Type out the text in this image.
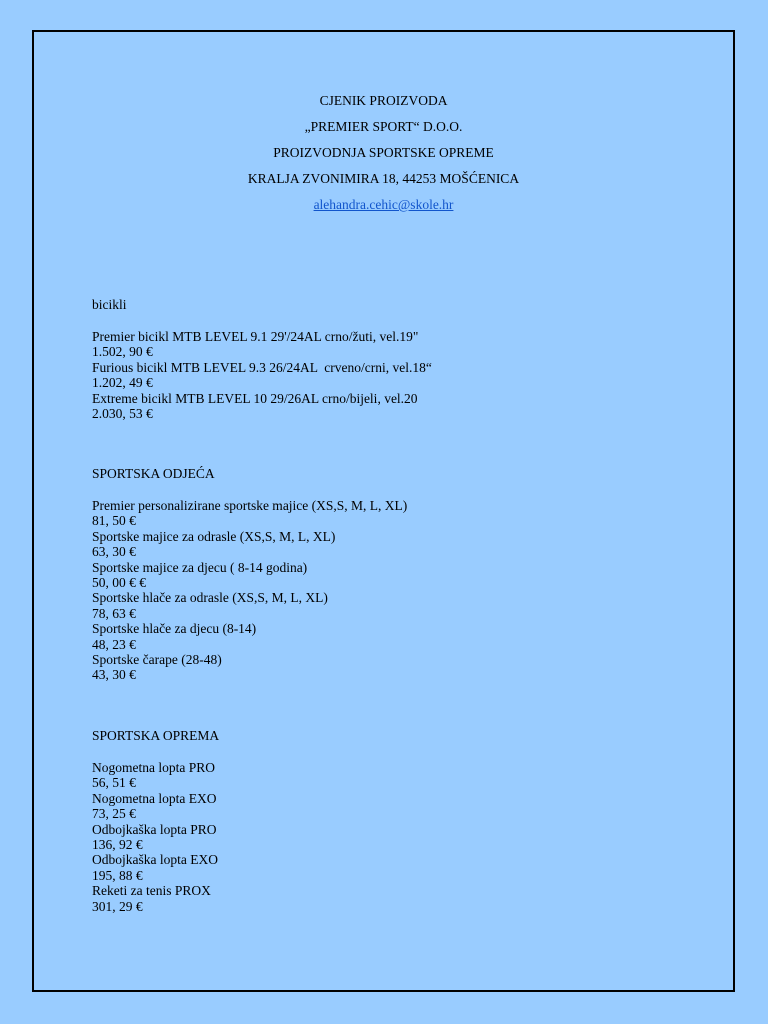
CJENIK PROIZVODA
„PREMIER SPORT“ D.O.O.
PROIZVODNJA SPORTSKE OPREME
KRALJA ZVONIMIRA 18, 44253 MOŠĆENICA
alehandra.cehic@skole.hr
bicikli
Premier bicikl MTB LEVEL 9.1 29'/24AL crno/žuti, vel.19"
1.502, 90 €
Furious bicikl MTB LEVEL 9.3 26/24AL  crveno/crni, vel.18“
1.202, 49 €
Extreme bicikl MTB LEVEL 10 29/26AL crno/bijeli, vel.20
2.030, 53 €
SPORTSKA ODJEĆA
Premier personalizirane sportske majice (XS,S, M, L, XL)
81, 50 €
Sportske majice za odrasle (XS,S, M, L, XL)
63, 30 €
Sportske majice za djecu ( 8-14 godina)
50, 00 € €
Sportske hlače za odrasle (XS,S, M, L, XL)
78, 63 €
Sportske hlače za djecu (8-14)
48, 23 €
Sportske čarape (28-48)
43, 30 €
SPORTSKA OPREMA
Nogometna lopta PRO
56, 51 €
Nogometna lopta EXO
73, 25 €
Odbojkaška lopta PRO
136, 92 €
Odbojkaška lopta EXO
195, 88 €
Reketi za tenis PROX
301, 29 €
